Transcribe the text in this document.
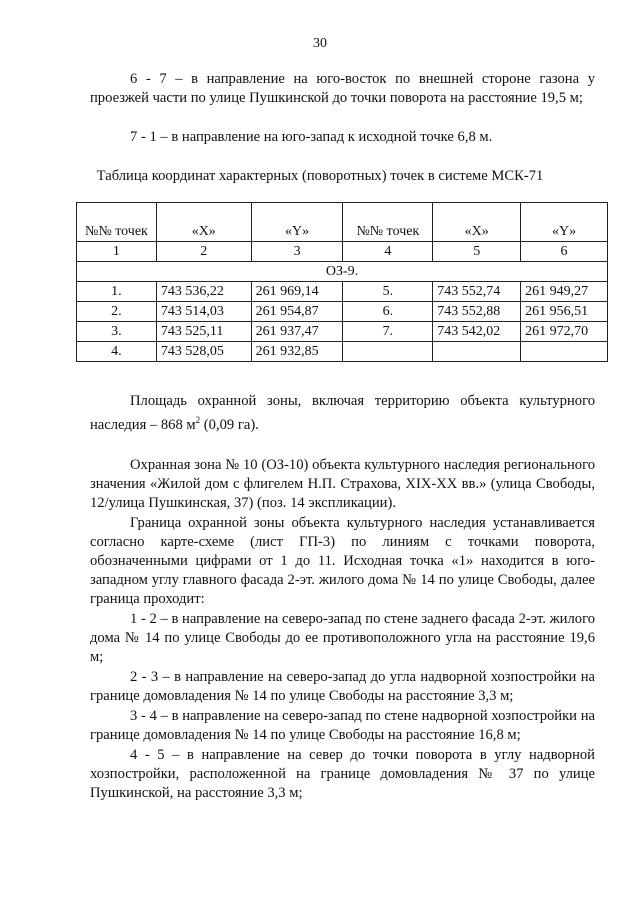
30

6 - 7 – в направление на юго-восток по внешней стороне газона у проезжей части по улице Пушкинской до точки поворота на расстояние 19,5 м;

7 - 1 – в направление на юго-запад к исходной точке 6,8 м.

Таблица координат характерных (поворотных) точек в системе МСК-71
№№ точек	«X»	«Y»	№№ точек	«X»	«Y»
1	2	3	4	5	6
ОЗ-9.					
1.	743 536,22	261 969,14	5.	743 552,74	261 949,27
2.	743 514,03	261 954,87	6.	743 552,88	261 956,51
3.	743 525,11	261 937,47	7.	743 542,02	261 972,70
4.	743 528,05	261 932,85			

Площадь охранной зоны, включая территорию объекта культурного наследия – 868 $м^2$ (0,09 га).

Охранная зона № 10 (ОЗ-10) объекта культурного наследия регионального значения «Жилой дом с флигелем Н.П. Страхова, XIX-XX вв.» (улица Свободы, 12/улица Пушкинская, 37) (поз. 14 экспликации).

Граница охранной зоны объекта культурного наследия устанавливается согласно карте-схеме (лист ГП-3) по линиям с точками поворота, обозначенными цифрами от 1 до 11. Исходная точка «1» находится в юго-западном углу главного фасада 2-эт. жилого дома № 14 по улице Свободы, далее граница проходит:

1 - 2 – в направление на северо-запад по стене заднего фасада 2-эт. жилого дома № 14 по улице Свободы до ее противоположного угла на расстояние 19,6 м;

2 - 3 – в направление на северо-запад до угла надворной хозпостройки на границе домовладения № 14 по улице Свободы на расстояние 3,3 м;

3 - 4 – в направление на северо-запад по стене надворной хозпостройки на границе домовладения № 14 по улице Свободы на расстояние 16,8 м;

4 - 5 – в направление на север до точки поворота в углу надворной хозпостройки, расположенной на границе домовладения № 37 по улице Пушкинской, на расстояние 3,3 м;
